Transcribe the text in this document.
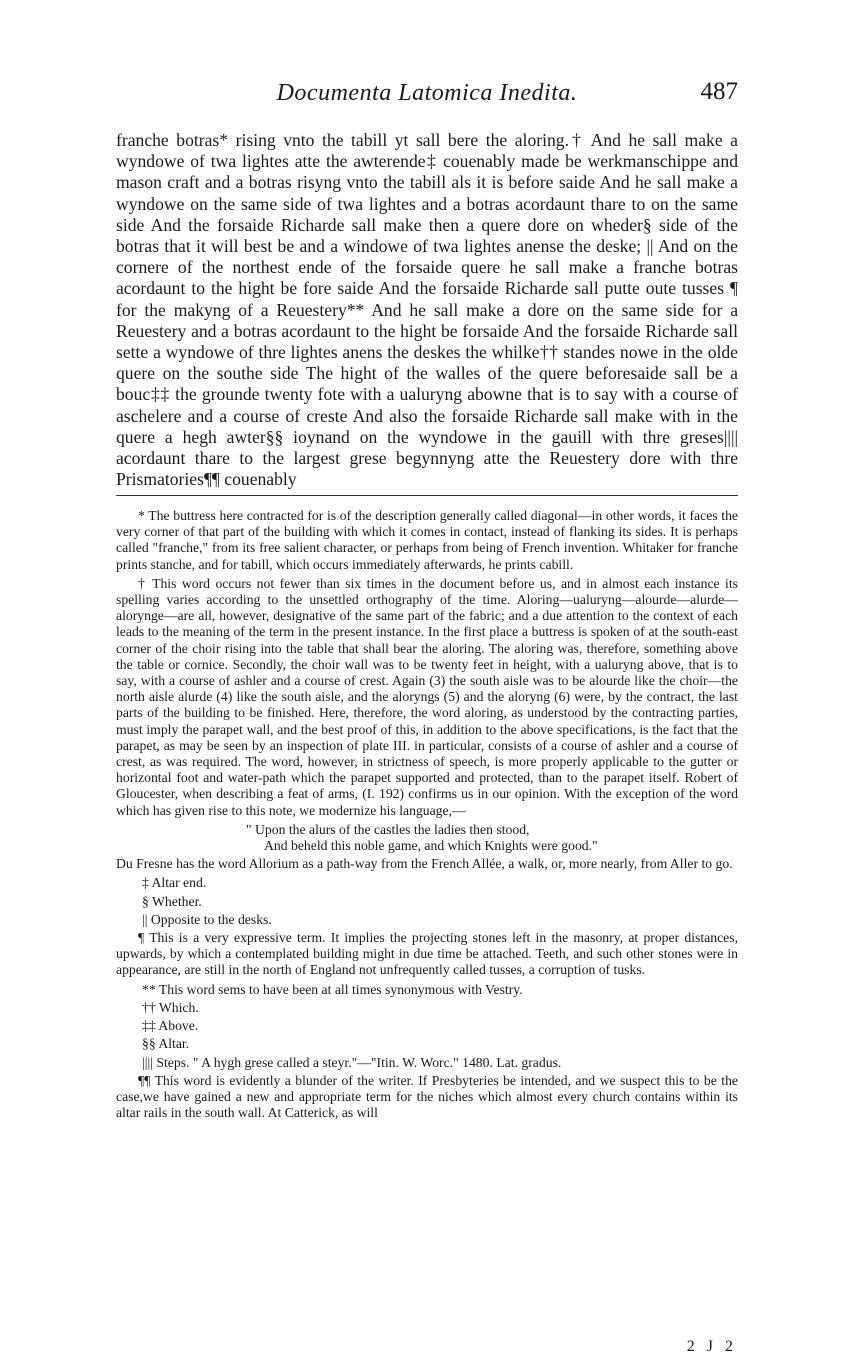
Documenta Latomica Inedita.	487

franche botras* rising vnto the tabill yt sall bere the aloring.† And he sall make a wyndowe of twa lightes atte the awterende‡ couenably made be werkmanschippe and mason craft and a botras risyng vnto the tabill als it is before saide And he sall make a wyndowe on the same side of twa lightes and a botras acordaunt thare to on the same side And the forsaide Richarde sall make then a quere dore on wheder§ side of the botras that it will best be and a windowe of twa lightes anense the deske; || And on the cornere of the northest ende of the forsaide quere he sall make a franche botras acordaunt to the hight be fore saide And the forsaide Richarde sall putte oute tusses ¶ for the makyng of a Reuestery** And he sall make a dore on the same side for a Reuestery and a botras acordaunt to the hight be forsaide And the forsaide Richarde sall sette a wyndowe of thre lightes anens the deskes the whilke†† standes nowe in the olde quere on the southe side The hight of the walles of the quere beforesaide sall be a bouc‡‡ the grounde twenty fote with a ualuryng abowne that is to say with a course of aschelere and a course of creste And also the forsaide Richarde sall make with in the quere a hegh awter§§ ioynand on the wyndowe in the gauill with thre greses|||| acordaunt thare to the largest grese begynnyng atte the Reuestery dore with thre Prismatories¶¶ couenably

* The buttress here contracted for is of the description generally called diagonal—in other words, it faces the very corner of that part of the building with which it comes in contact, instead of flanking its sides. It is perhaps called "franche," from its free salient character, or perhaps from being of French invention. Whitaker for franche prints stanche, and for tabill, which occurs immediately afterwards, he prints cabill.

† This word occurs not fewer than six times in the document before us, and in almost each instance its spelling varies according to the unsettled orthography of the time. Aloring—ualuryng—alourde—alurde—alorynge—are all, however, designative of the same part of the fabric; and a due attention to the context of each leads to the meaning of the term in the present instance. In the first place a buttress is spoken of at the south-east corner of the choir rising into the table that shall bear the aloring. The aloring was, therefore, something above the table or cornice. Secondly, the choir wall was to be twenty feet in height, with a ualuryng above, that is to say, with a course of ashler and a course of crest. Again (3) the south aisle was to be alourde like the choir—the north aisle alurde (4) like the south aisle, and the aloryngs (5) and the aloryng (6) were, by the contract, the last parts of the building to be finished. Here, therefore, the word aloring, as understood by the contracting parties, must imply the parapet wall, and the best proof of this, in addition to the above specifications, is the fact that the parapet, as may be seen by an inspection of plate III. in particular, consists of a course of ashler and a course of crest, as was required. The word, however, in strictness of speech, is more properly applicable to the gutter or horizontal foot and water-path which the parapet supported and protected, than to the parapet itself. Robert of Gloucester, when describing a feat of arms, (I. 192) confirms us in our opinion. With the exception of the word which has given rise to this note, we modernize his language,—

" Upon the alurs of the castles the ladies then stood,
And beheld this noble game, and which Knights were good."

Du Fresne has the word Allorium as a path-way from the French Allée, a walk, or, more nearly, from Aller to go.

‡ Altar end.

§ Whether.

|| Opposite to the desks.

¶ This is a very expressive term. It implies the projecting stones left in the masonry, at proper distances, upwards, by which a contemplated building might in due time be attached. Teeth, and such other stones were in appearance, are still in the north of England not unfrequently called tusses, a corruption of tusks.

** This word sems to have been at all times synonymous with Vestry.

†† Which.

‡‡ Above.

§§ Altar.

|||| Steps. " A hygh grese called a steyr."—"Itin. W. Worc." 1480. Lat. gradus.

¶¶ This word is evidently a blunder of the writer. If Presbyteries be intended, and we suspect this to be the case,we have gained a new and appropriate term for the niches which almost every church contains within its altar rails in the south wall. At Catterick, as will

2 J 2
